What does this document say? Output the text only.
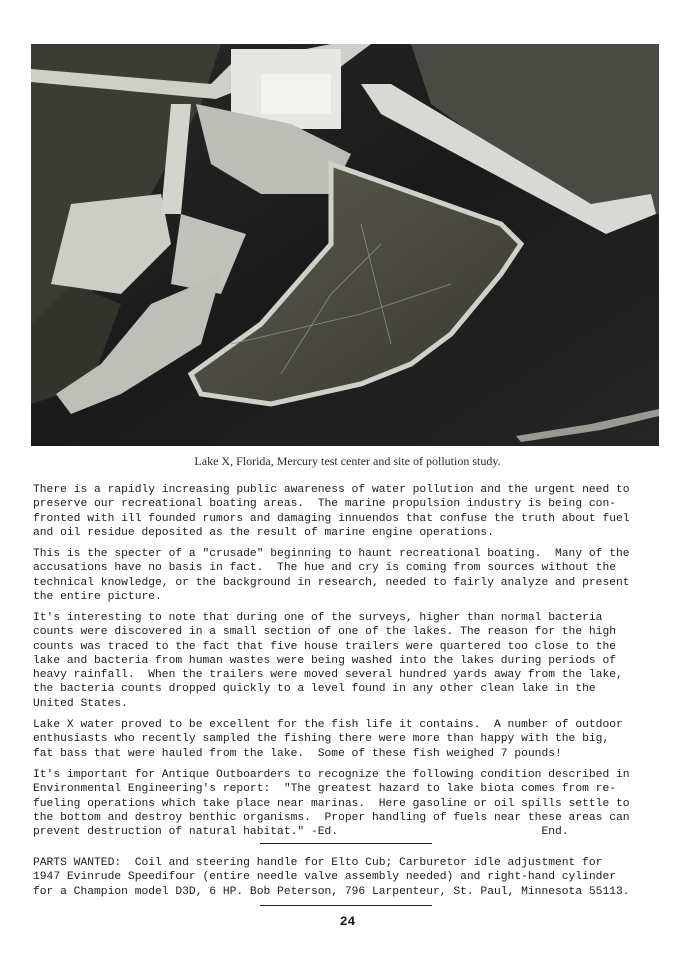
Lake X, Florida, Mercury test center and site of pollution study.
There is a rapidly increasing public awareness of water pollution and the urgent need to
preserve our recreational boating areas.  The marine propulsion industry is being con-
fronted with ill founded rumors and damaging innuendos that confuse the truth about fuel
and oil residue deposited as the result of marine engine operations.
This is the specter of a "crusade" beginning to haunt recreational boating.  Many of the
accusations have no basis in fact.  The hue and cry is coming from sources without the
technical knowledge, or the background in research, needed to fairly analyze and present
the entire picture.
It's interesting to note that during one of the surveys, higher than normal bacteria
counts were discovered in a small section of one of the lakes. The reason for the high
counts was traced to the fact that five house trailers were quartered too close to the
lake and bacteria from human wastes were being washed into the lakes during periods of
heavy rainfall.  When the trailers were moved several hundred yards away from the lake,
the bacteria counts dropped quickly to a level found in any other clean lake in the
United States.
Lake X water proved to be excellent for the fish life it contains.  A number of outdoor
enthusiasts who recently sampled the fishing there were more than happy with the big,
fat bass that were hauled from the lake.  Some of these fish weighed 7 pounds!
It's important for Antique Outboarders to recognize the following condition described in
Environmental Engineering's report:  "The greatest hazard to lake biota comes from re-
fueling operations which take place near marinas.  Here gasoline or oil spills settle to
the bottom and destroy benthic organisms.  Proper handling of fuels near these areas can
prevent destruction of natural habitat." -Ed.                              End.
PARTS WANTED:  Coil and steering handle for Elto Cub; Carburetor idle adjustment for
1947 Evinrude Speedifour (entire needle valve assembly needed) and right-hand cylinder
for a Champion model D3D, 6 HP. Bob Peterson, 796 Larpenteur, St. Paul, Minnesota 55113.
24
